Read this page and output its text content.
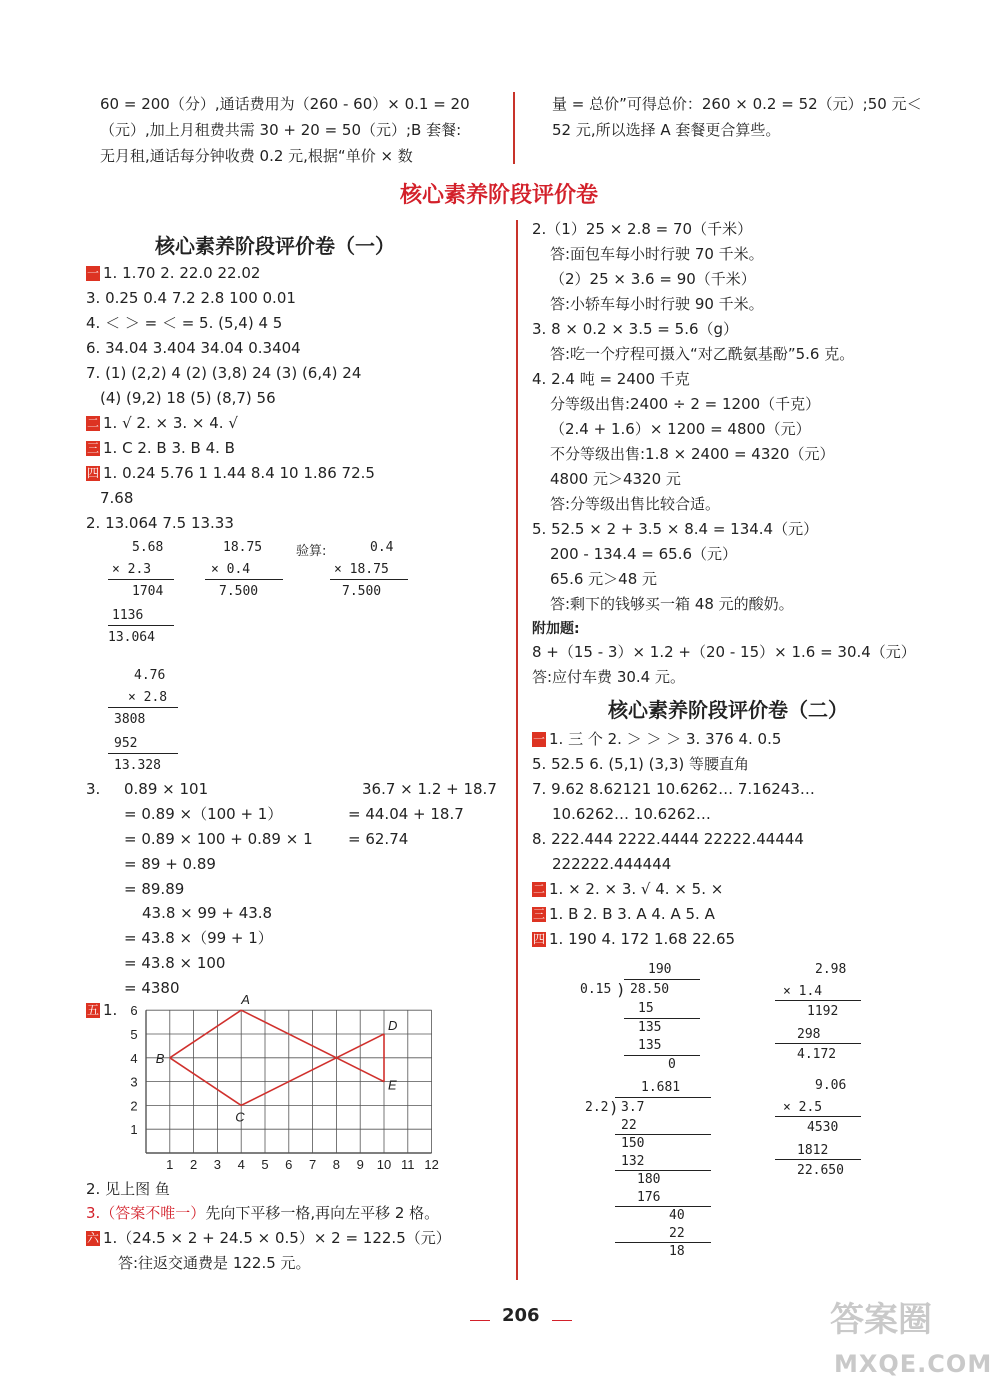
60 = 200（分）,通话费用为（260 - 60）× 0.1 = 20
（元）,加上月租费共需 30 + 20 = 50（元）;B 套餐:
无月租,通话每分钟收费 0.2 元,根据“单价 × 数
量 = 总价”可得总价：260 × 0.2 = 52（元）;50 元＜
52 元,所以选择 A 套餐更合算些。
核心素养阶段评价卷
核心素养阶段评价卷（一）
一 1. 1.70 2. 22.0 22.02
3. 0.25 0.4 7.2 2.8 100 0.01
4. ＜ ＞ = ＜ = 5. (5,4) 4 5
6. 34.04 3.404 34.04 0.3404
7. (1) (2,2) 4 (2) (3,8) 24 (3) (6,4) 24
(4) (9,2) 18 (5) (8,7) 56
二 1. √ 2. × 3. × 4. √
三 1. C 2. B 3. B 4. B
四 1. 0.24 5.76 1 1.44 8.4 10 1.86 72.5
7.68
2. 13.064 7.5 13.33
5.68
× 2.3
1704
1136
13.064
18.75
× 0.4
7.500
验算:	0.4
× 18.75
7.500
4.76
× 2.8
3808
952
13.328
3. 0.89 × 101
= 0.89 ×（100 + 1）
= 0.89 × 100 + 0.89 × 1
= 89 + 0.89
= 89.89
36.7 × 1.2 + 18.7
= 44.04 + 18.7
= 62.74
43.8 × 99 + 43.8
= 43.8 ×（99 + 1）
= 43.8 × 100
= 4380
五 1.
1 2 3 4 5 6 7 8 9 10 11 12
1
2
3
4
5
6
A
B
C
D
E
2. 见上图 鱼
3.（答案不唯一）先向下平移一格,再向左平移 2 格。
六 1.（24.5 × 2 + 24.5 × 0.5）× 2 = 122.5（元）
答:往返交通费是 122.5 元。
2.（1）25 × 2.8 = 70（千米）
答:面包车每小时行驶 70 千米。
（2）25 × 3.6 = 90（千米）
答:小轿车每小时行驶 90 千米。
3. 8 × 0.2 × 3.5 = 5.6（g）
答:吃一个疗程可摄入“对乙酰氨基酚”5.6 克。
4. 2.4 吨 = 2400 千克
分等级出售:2400 ÷ 2 = 1200（千克）
（2.4 + 1.6）× 1200 = 4800（元）
不分等级出售:1.8 × 2400 = 4320（元）
4800 元＞4320 元
答:分等级出售比较合适。
5. 52.5 × 2 + 3.5 × 8.4 = 134.4（元）
200 - 134.4 = 65.6（元）
65.6 元＞48 元
答:剩下的钱够买一箱 48 元的酸奶。
附加题:
8 +（15 - 3）× 1.2 +（20 - 15）× 1.6 = 30.4（元）
答:应付车费 30.4 元。
核心素养阶段评价卷（二）
一 1. 三 个 2. ＞ ＞ ＞ 3. 376 4. 0.5
5. 52.5 6. (5,1) (3,3) 等腰直角
7. 9.62 8.62121 10.6262… 7.16243…
10.6262… 10.6262…
8. 222.444 2222.4444 22222.44444
222222.444444
二 1. × 2. × 3. √ 4. × 5. ×
三 1. B 2. B 3. A 4. A 5. A
四 1. 190 4. 172 1.68 22.65
190
0.15 ) 28.50
15
135
135
0
1.681
2.2 ) 3.7
22
150
132
180
176
40
22
18
2.98
× 1.4
1192
298
4.172
9.06
× 2.5
4530
1812
22.650
206	答案圈
MXQE.COM
